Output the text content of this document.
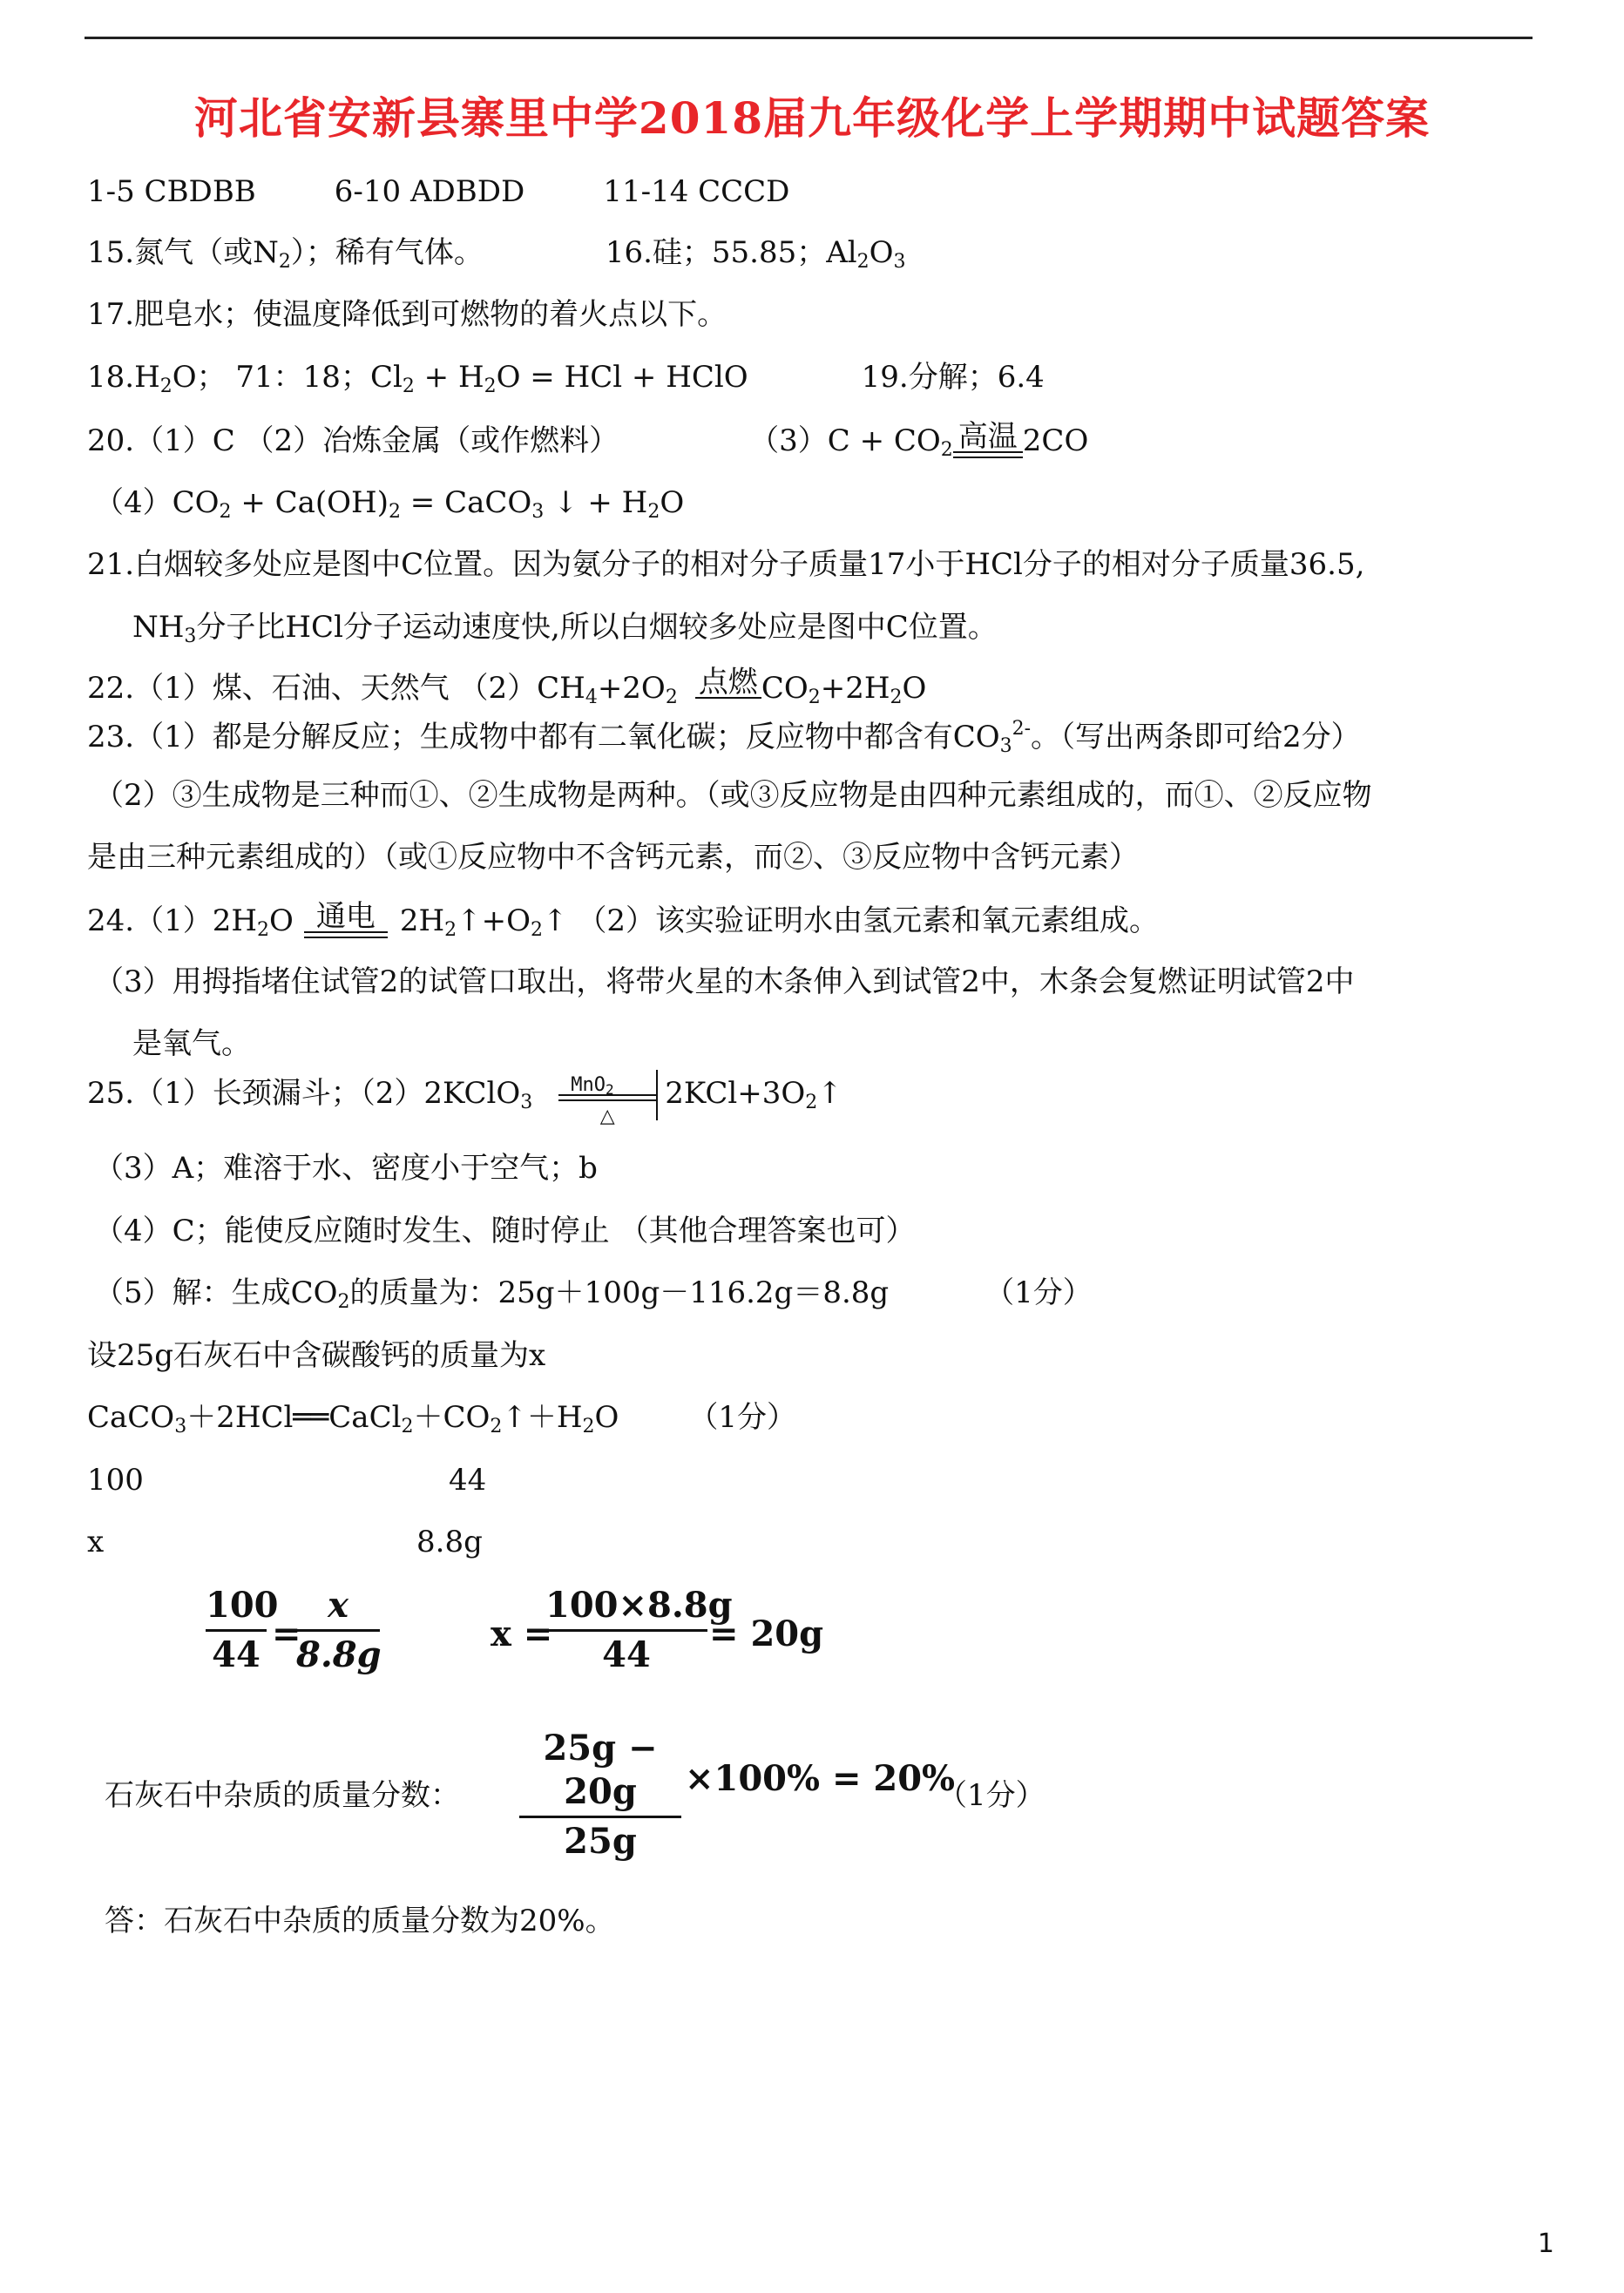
河北省安新县寨里中学2018届九年级化学上学期期中试题答案
1-5 CBDBB	6-10 ADBDD	11-14 CCCD
15.氮气（或$N_2$）；稀有气体。	16.硅；55.85；$Al_2O_3$
17.肥皂水；使温度降低到可燃物的着火点以下。
$18.H_2O$； 71：18；$Cl_2 + H_2O$ = HCl + HClO	19.分解；6.4
20.（1）C （2）冶炼金属（或作燃料）	$(3)C + CO_2$ 高温 2CO
$(4)CO_2 + Ca(OH)_2$ = CaCO$_3$ ↓ + $H_2O$
21.白烟较多处应是图中C位置。因为氨分子的相对分子质量17小于HCl分子的相对分子质量36.5,
$NH_3$分子比HCl分子运动速度快,所以白烟较多处应是图中C位置。
22.（1）煤、石油、天然气 $(2)CH_4+2O_2$ 点燃 $CO_2+2H_2O$
23.（1）都是分解反应；生成物中都有二氧化碳；反应物中都含有$CO_3^{2-}$。（写出两条即可给2分）
（2）③生成物是三种而①、②生成物是两种。（或③反应物是由四种元素组成的，而①、②反应物
是由三种元素组成的）（或①反应物中不含钙元素，而②、③反应物中含钙元素）
$24.(1)2H_2O$ 通电 $2H_2↑+O_2↑$ （2）该实验证明水由氢元素和氧元素组成。
（3）用拇指堵住试管2的试管口取出，将带火星的木条伸入到试管2中，木条会复燃证明试管2中
是氧气。
25.（1）长颈漏斗；（2）2KClO$_3$
MnO$_2$
△
$2KCl+3O_2↑$
（3）A；难溶于水、密度小于空气；b
（4）C；能使反应随时发生、随时停止 （其他合理答案也可）
（5）解：生成$CO_2$的质量为：25g＋100g－116.2g＝8.8g	（1分）
设25g石灰石中含碳酸钙的质量为x
$CaCO_3+2HCl══CaCl_2+CO_2↑+H_2O$ （1分）
100	44
x	8.8g
100
44
=
x
8.8g
x =
100×8.8g
44
= 20g
石灰石中杂质的质量分数：
25g − 20g
25g
×100% = 20%
（1分）
答：石灰石中杂质的质量分数为20%。
1
